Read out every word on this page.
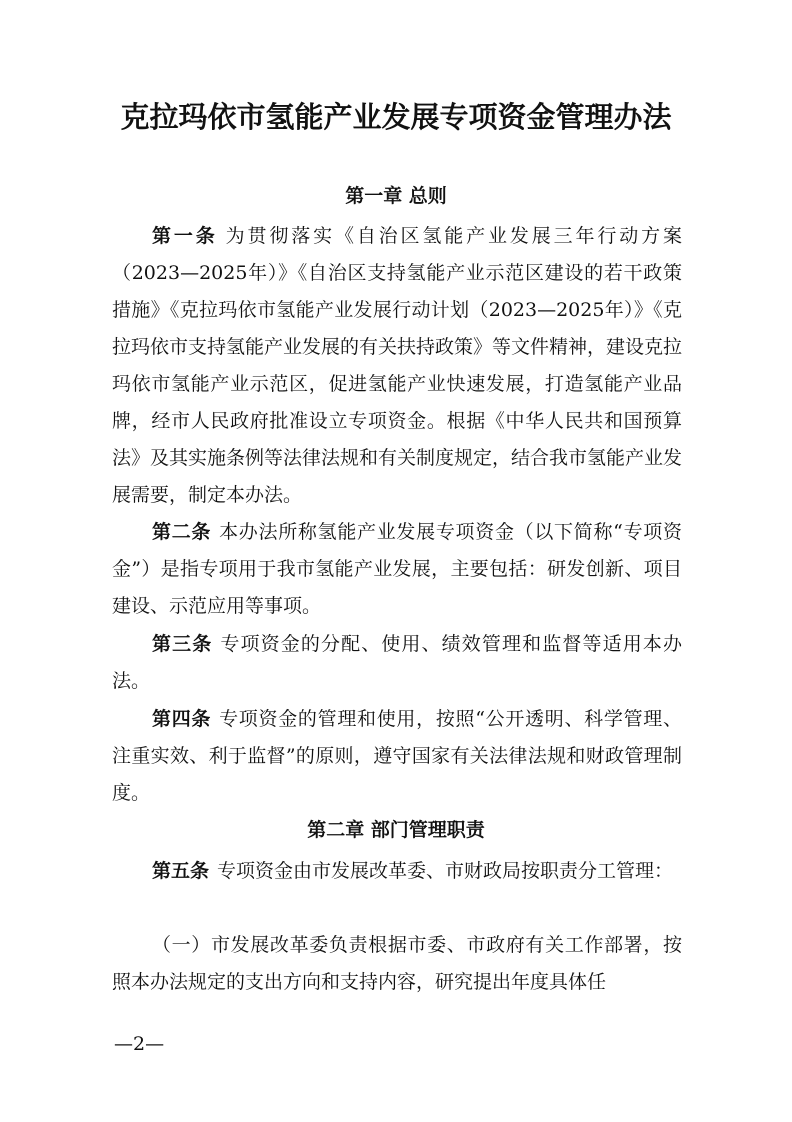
克拉玛依市氢能产业发展专项资金管理办法
第一章 总则

第一条 为贯彻落实《自治区氢能产业发展三年行动方案（2023—2025年）》《自治区支持氢能产业示范区建设的若干政策措施》《克拉玛依市氢能产业发展行动计划（2023—2025年）》《克拉玛依市支持氢能产业发展的有关扶持政策》等文件精神，建设克拉玛依市氢能产业示范区，促进氢能产业快速发展，打造氢能产业品牌，经市人民政府批准设立专项资金。根据《中华人民共和国预算法》及其实施条例等法律法规和有关制度规定，结合我市氢能产业发展需要，制定本办法。

第二条 本办法所称氢能产业发展专项资金（以下简称“专项资金”）是指专项用于我市氢能产业发展，主要包括：研发创新、项目建设、示范应用等事项。

第三条 专项资金的分配、使用、绩效管理和监督等适用本办法。

第四条 专项资金的管理和使用，按照“公开透明、科学管理、注重实效、利于监督”的原则，遵守国家有关法律法规和财政管理制度。

第二章 部门管理职责

第五条 专项资金由市发展改革委、市财政局按职责分工管理：

（一）市发展改革委负责根据市委、市政府有关工作部署，按照本办法规定的支出方向和支持内容，研究提出年度具体任

—2—
